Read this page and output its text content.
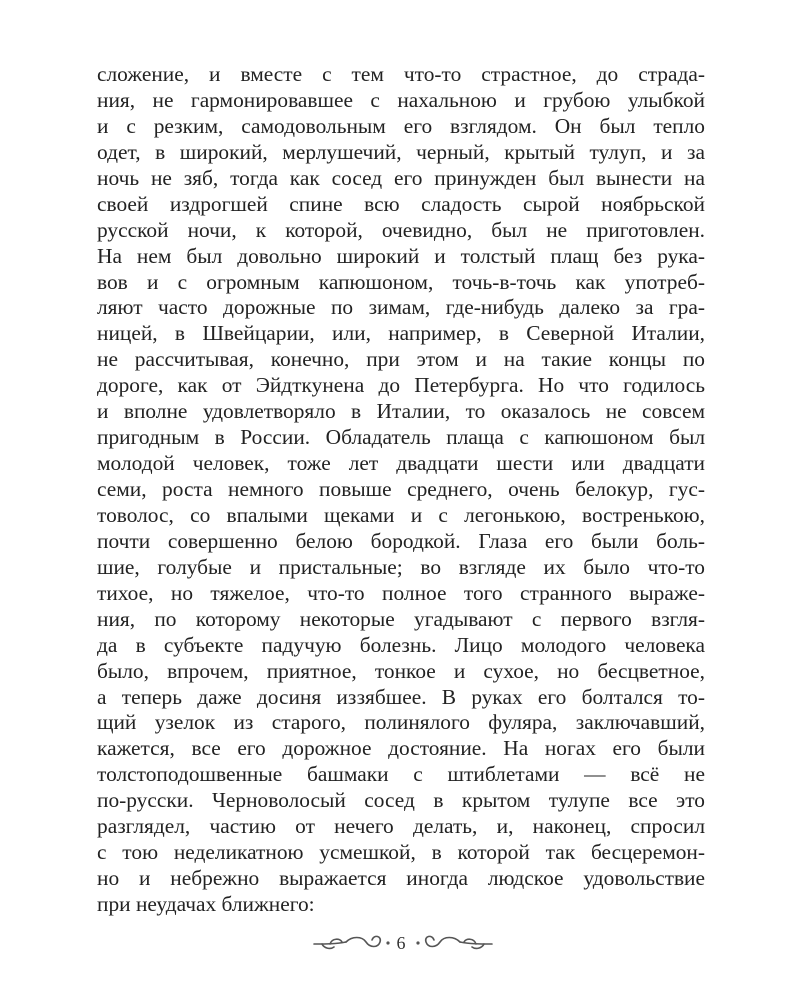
сложение, и вместе с тем что-то страстное, до страда-
ния, не гармонировавшее с нахальною и грубою улыбкой
и с резким, самодовольным его взглядом. Он был тепло
одет, в широкий, мерлушечий, черный, крытый тулуп, и за
ночь не зяб, тогда как сосед его принужден был вынести на
своей издрогшей спине всю сладость сырой ноябрьской
русской ночи, к которой, очевидно, был не приготовлен.
На нем был довольно широкий и толстый плащ без рука-
вов и с огромным капюшоном, точь-в-точь как употреб-
ляют часто дорожные по зимам, где-нибудь далеко за гра-
ницей, в Швейцарии, или, например, в Северной Италии,
не рассчитывая, конечно, при этом и на такие концы по
дороге, как от Эйдткунена до Петербурга. Но что годилось
и вполне удовлетворяло в Италии, то оказалось не совсем
пригодным в России. Обладатель плаща с капюшоном был
молодой человек, тоже лет двадцати шести или двадцати
семи, роста немного повыше среднего, очень белокур, гус-
товолос, со впалыми щеками и с легонькою, востренькою,
почти совершенно белою бородкой. Глаза его были боль-
шие, голубые и пристальные; во взгляде их было что-то
тихое, но тяжелое, что-то полное того странного выраже-
ния, по которому некоторые угадывают с первого взгля-
да в субъекте падучую болезнь. Лицо молодого человека
было, впрочем, приятное, тонкое и сухое, но бесцветное,
а теперь даже досиня иззябшее. В руках его болтался то-
щий узелок из старого, полинялого фуляра, заключавший,
кажется, все его дорожное достояние. На ногах его были
толстоподошвенные башмаки с штиблетами — всё не
по-русски. Черноволосый сосед в крытом тулупе все это
разглядел, частию от нечего делать, и, наконец, спросил
с тою неделикатною усмешкой, в которой так бесцеремон-
но и небрежно выражается иногда людское удовольствие
при неудачах ближнего:
6
